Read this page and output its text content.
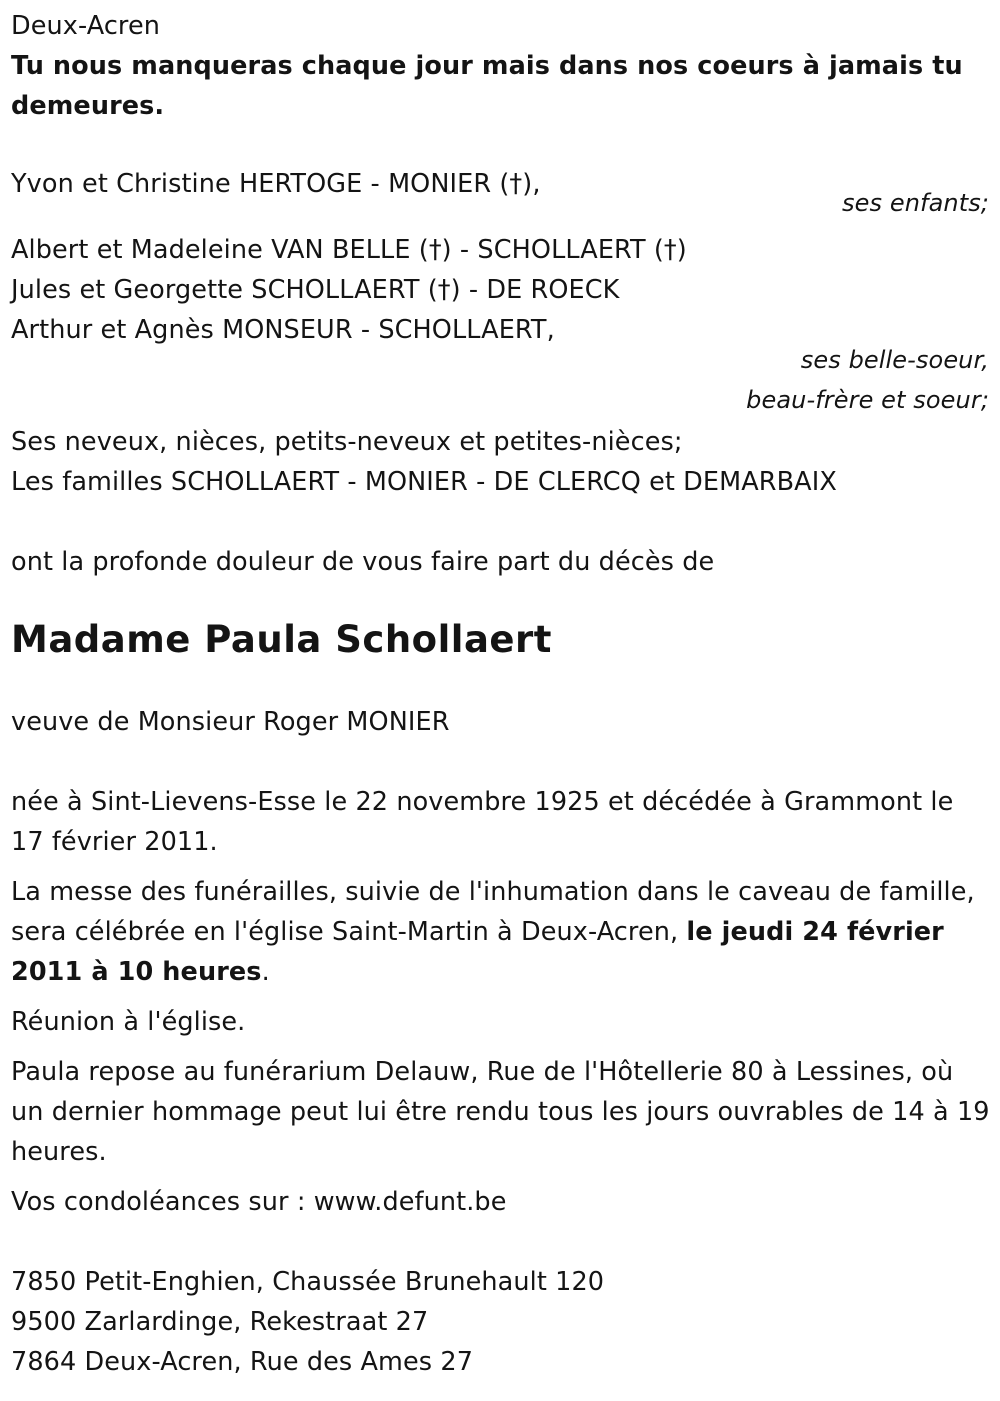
Deux-Acren

Tu nous manqueras chaque jour mais dans nos coeurs à jamais tu demeures.

Yvon et Christine HERTOGE - MONIER (†),

ses enfants;

Albert et Madeleine VAN BELLE (†) - SCHOLLAERT (†)

Jules et Georgette SCHOLLAERT (†) - DE ROECK

Arthur et Agnès MONSEUR - SCHOLLAERT,

ses belle-soeur,
beau-frère et soeur;

Ses neveux, nièces, petits-neveux et petites-nièces;

Les familles SCHOLLAERT - MONIER - DE CLERCQ et DEMARBAIX

ont la profonde douleur de vous faire part du décès de

Madame Paula Schollaert

veuve de Monsieur Roger MONIER

née à Sint-Lievens-Esse le 22 novembre 1925 et décédée à Grammont le 17 février 2011.

La messe des funérailles, suivie de l'inhumation dans le caveau de famille, sera célébrée en l'église Saint-Martin à Deux-Acren, le jeudi 24 février 2011 à 10 heures.

Réunion à l'église.

Paula repose au funérarium Delauw, Rue de l'Hôtellerie 80 à Lessines, où un dernier hommage peut lui être rendu tous les jours ouvrables de 14 à 19 heures.

Vos condoléances sur : www.defunt.be

7850 Petit-Enghien, Chaussée Brunehault 120

9500 Zarlardinge, Rekestraat 27

7864 Deux-Acren, Rue des Ames 27
